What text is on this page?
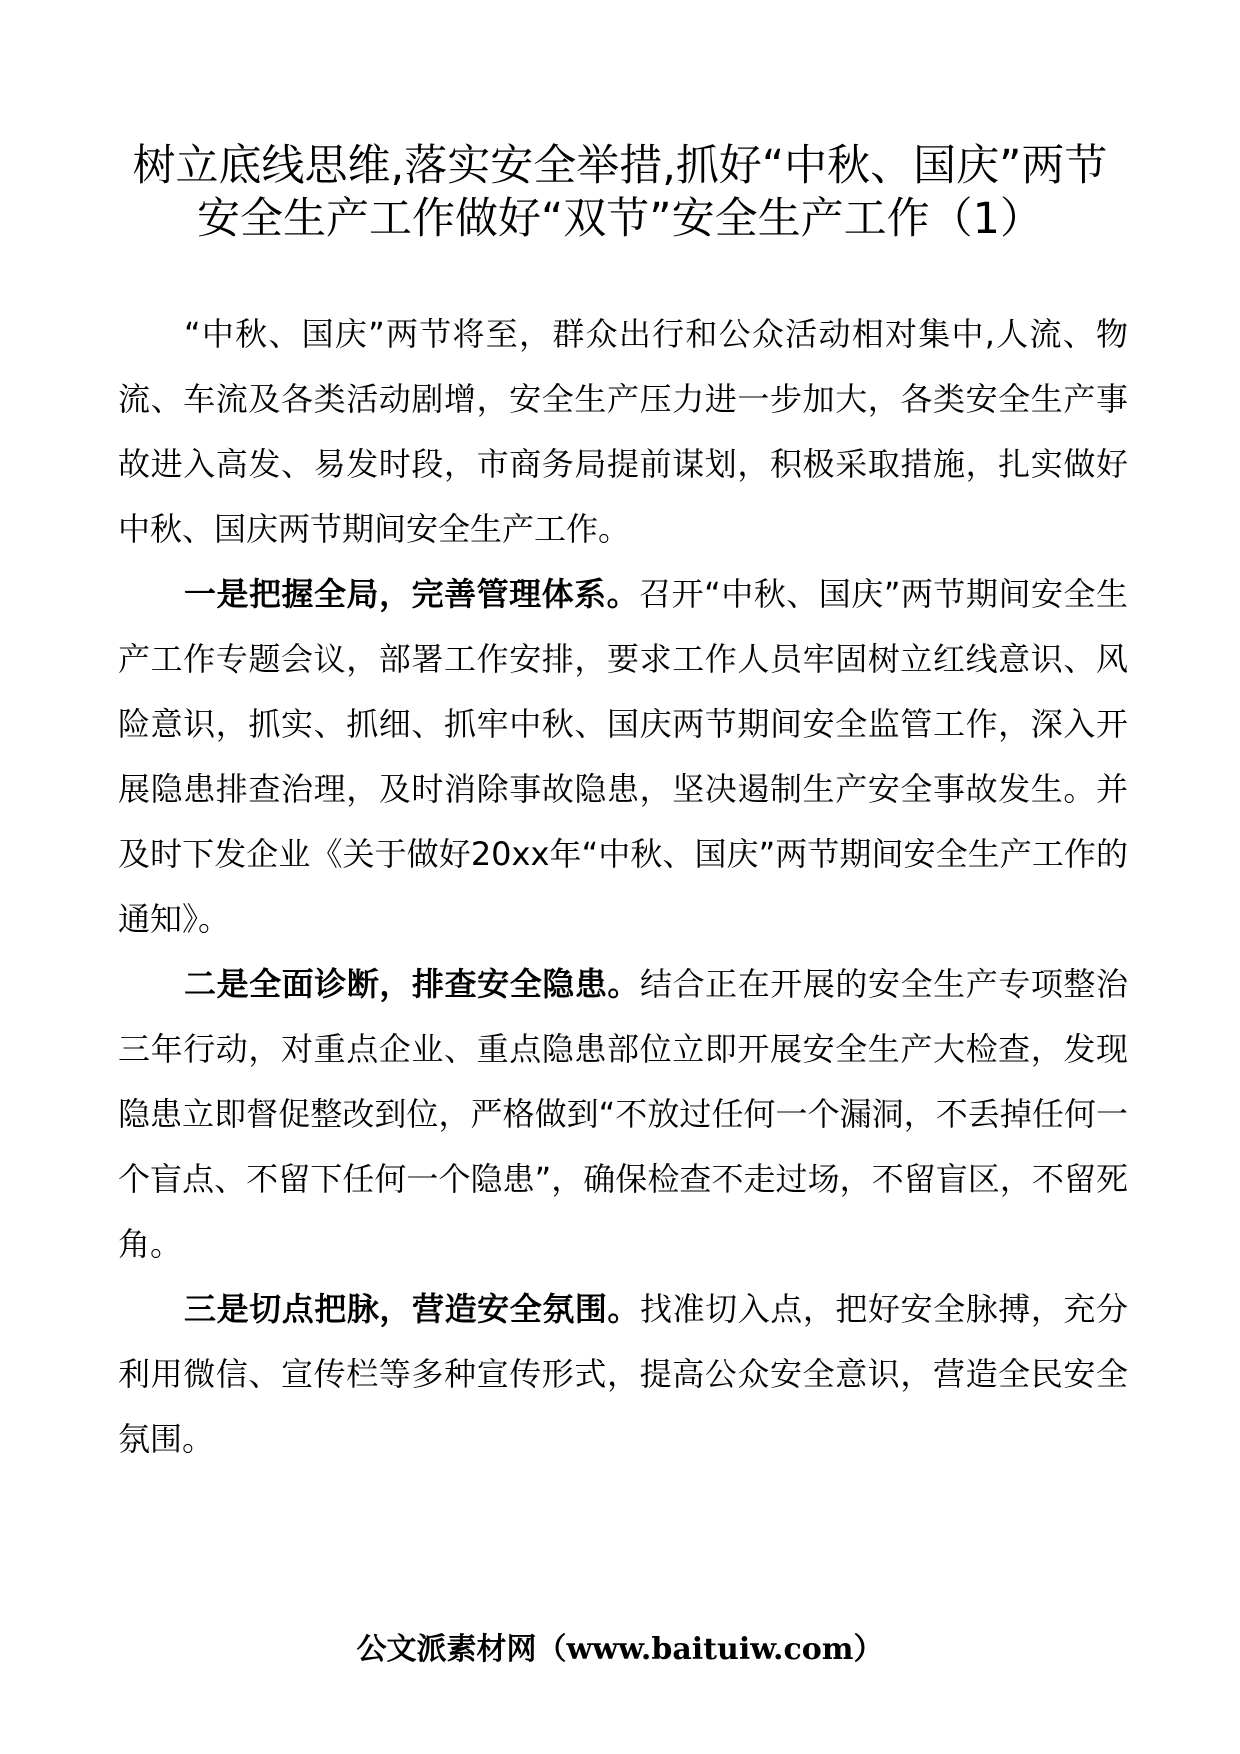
树立底线思维,落实安全举措,抓好“中秋、国庆”两节安全生产工作做好“双节”安全生产工作（1）

“中秋、国庆”两节将至，群众出行和公众活动相对集中,人流、物流、车流及各类活动剧增，安全生产压力进一步加大，各类安全生产事故进入高发、易发时段，市商务局提前谋划，积极采取措施，扎实做好中秋、国庆两节期间安全生产工作。

一是把握全局，完善管理体系。召开“中秋、国庆”两节期间安全生产工作专题会议，部署工作安排，要求工作人员牢固树立红线意识、风险意识，抓实、抓细、抓牢中秋、国庆两节期间安全监管工作，深入开展隐患排查治理，及时消除事故隐患，坚决遏制生产安全事故发生。并及时下发企业《关于做好20xx年“中秋、国庆”两节期间安全生产工作的通知》。

二是全面诊断，排查安全隐患。结合正在开展的安全生产专项整治三年行动，对重点企业、重点隐患部位立即开展安全生产大检查，发现隐患立即督促整改到位，严格做到“不放过任何一个漏洞，不丢掉任何一个盲点、不留下任何一个隐患”，确保检查不走过场，不留盲区，不留死角。

三是切点把脉，营造安全氛围。找准切入点，把好安全脉搏，充分利用微信、宣传栏等多种宣传形式，提高公众安全意识，营造全民安全氛围。

公文派素材网（www.baituiw.com）
